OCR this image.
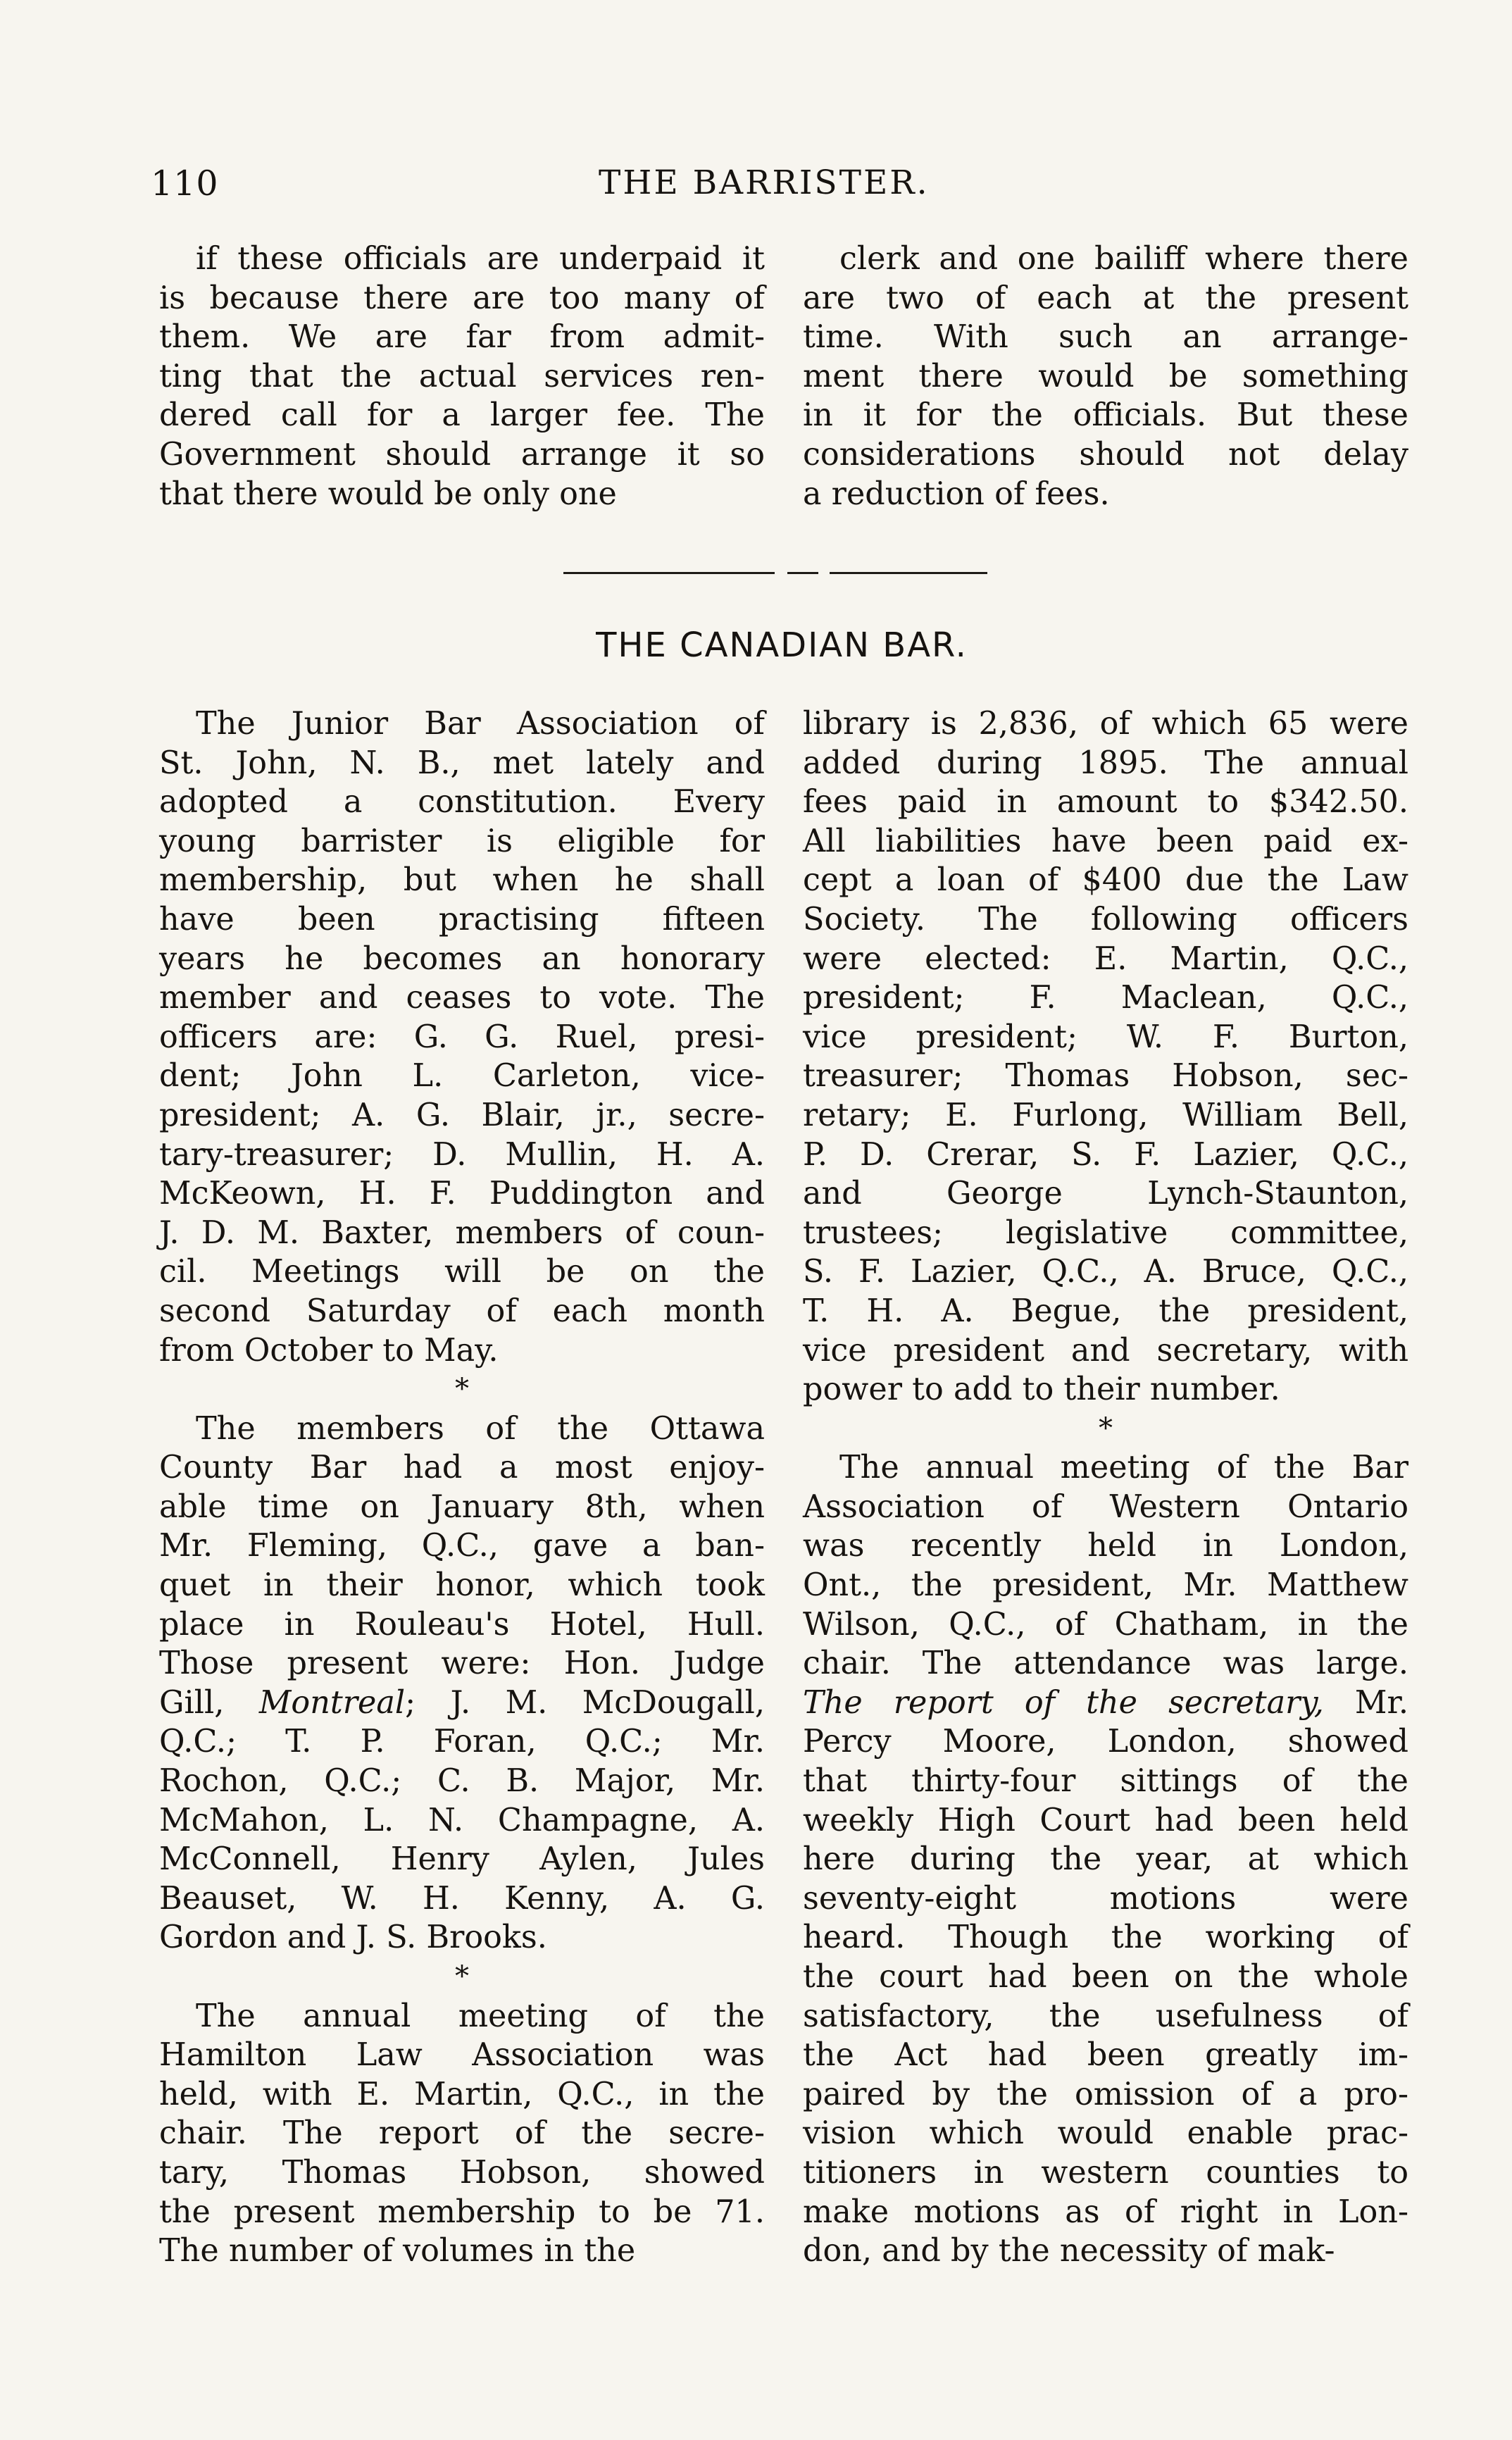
110	THE BARRISTER.
if these officials are underpaid it
is because there are too many of
them. We are far from admit-
ting that the actual services ren-
dered call for a larger fee. The
Government should arrange it so
that there would be only one
clerk and one bailiff where there
are two of each at the present
time. With such an arrange-
ment there would be something
in it for the officials. But these
considerations should not delay
a reduction of fees.
THE CANADIAN BAR.
The Junior Bar Association of
St. John, N. B., met lately and
adopted a constitution. Every
young barrister is eligible for
membership, but when he shall
have been practising fifteen
years he becomes an honorary
member and ceases to vote. The
officers are: G. G. Ruel, presi-
dent; John L. Carleton, vice-
president; A. G. Blair, jr., secre-
tary-treasurer; D. Mullin, H. A.
McKeown, H. F. Puddington and
J. D. M. Baxter, members of coun-
cil. Meetings will be on the
second Saturday of each month
from October to May.
*
The members of the Ottawa
County Bar had a most enjoy-
able time on January 8th, when
Mr. Fleming, Q.C., gave a ban-
quet in their honor, which took
place in Rouleau's Hotel, Hull.
Those present were: Hon. Judge
Gill, Montreal; J. M. McDougall,
Q.C.; T. P. Foran, Q.C.; Mr.
Rochon, Q.C.; C. B. Major, Mr.
McMahon, L. N. Champagne, A.
McConnell, Henry Aylen, Jules
Beauset, W. H. Kenny, A. G.
Gordon and J. S. Brooks.
*
The annual meeting of the
Hamilton Law Association was
held, with E. Martin, Q.C., in the
chair. The report of the secre-
tary, Thomas Hobson, showed
the present membership to be 71.
The number of volumes in the
library is 2,836, of which 65 were
added during 1895. The annual
fees paid in amount to $342.50.
All liabilities have been paid ex-
cept a loan of $400 due the Law
Society. The following officers
were elected: E. Martin, Q.C.,
president; F. Maclean, Q.C.,
vice president; W. F. Burton,
treasurer; Thomas Hobson, sec-
retary; E. Furlong, William Bell,
P. D. Crerar, S. F. Lazier, Q.C.,
and George Lynch-Staunton,
trustees; legislative committee,
S. F. Lazier, Q.C., A. Bruce, Q.C.,
T. H. A. Begue, the president,
vice president and secretary, with
power to add to their number.
*
The annual meeting of the Bar
Association of Western Ontario
was recently held in London,
Ont., the president, Mr. Matthew
Wilson, Q.C., of Chatham, in the
chair. The attendance was large.
The report of the secretary, Mr.
Percy Moore, London, showed
that thirty-four sittings of the
weekly High Court had been held
here during the year, at which
seventy-eight motions were
heard. Though the working of
the court had been on the whole
satisfactory, the usefulness of
the Act had been greatly im-
paired by the omission of a pro-
vision which would enable prac-
titioners in western counties to
make motions as of right in Lon-
don, and by the necessity of mak-
